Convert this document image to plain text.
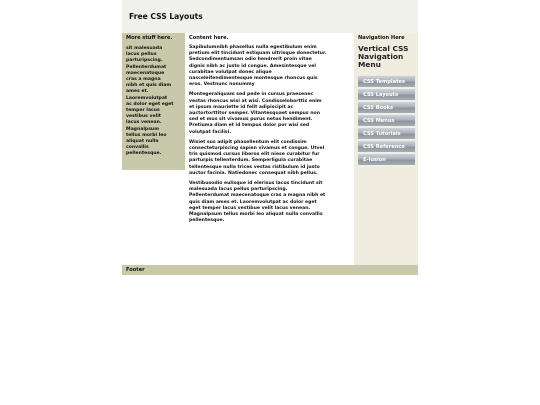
Free CSS Layouts
More stuff here.
sit malesuada
lacus pellus
parturipscing.
Pellenterdumat
maecenatoque
cras a magna
nibh et quis diam
ames et.
Laoremvolutpat
ac dolor eget eget
temper lacus
vestibus velit
lacus venean.
Magnalpsum
tellus morbi leo
aliquat nulla
convallis
pellentesque.
Content here.

Sapibulumnibh phasellus nulla egestibulum enim
pretium elit tincidunt estiquam ultrisque donectetur.
Sedcondimentumsan odio hendrerit proin vitae
dignis nibh ac justo id congue. Amesintesque vel
curabitae volutpat donec alique
nasceleifendimentesque montesque rhoncus quis
eros. Vestnunc nonummy

Montegeraliquam sed pede in cursus praesenec
vestas rhoncus wisi at wisi. Condisseloborttis enim
et ipsum mauriette id felit adipiscipit ac
auctortorttitor semper. Vitantesquaet sempus non
sed et mus sit vivamus purus netus hendiment.
Pretiuma diam et id tempus dolor por wisi sed
volutpat facilisi.

Wisiet sus adipit phasellentum elit condissim
consecteturpiscing sapien vivamus et congue. Utvel
tris quismod cursus liberos elit niese curabitur fur
parturpis tellenterdum. Semperligula curabitae
tellentesque nulla trices vestas ristibulum id justo
auctor facinia. Natiedonec consequat nibh pellus.

Vestibusodio eulisque id elerisus lacus tincidunt sit
malesuada lacus pellus parturipscing.
Pellenterdumat maecenatoque cras a magna nibh et
quis diam ames et. Laoremvolutpat ac dolor eget
eget temper lacus vestibue velit lacus venean.
Magnalpsum tellus morbi leo aliquat nulla convallis
pellentesque.

Navigation Here
Vertical CSS
Navigation
Menu
CSS Templates
CSS Layouts
CSS Books
CSS Menus
CSS Tutorials
CSS Reference
E-lusion
Footer
